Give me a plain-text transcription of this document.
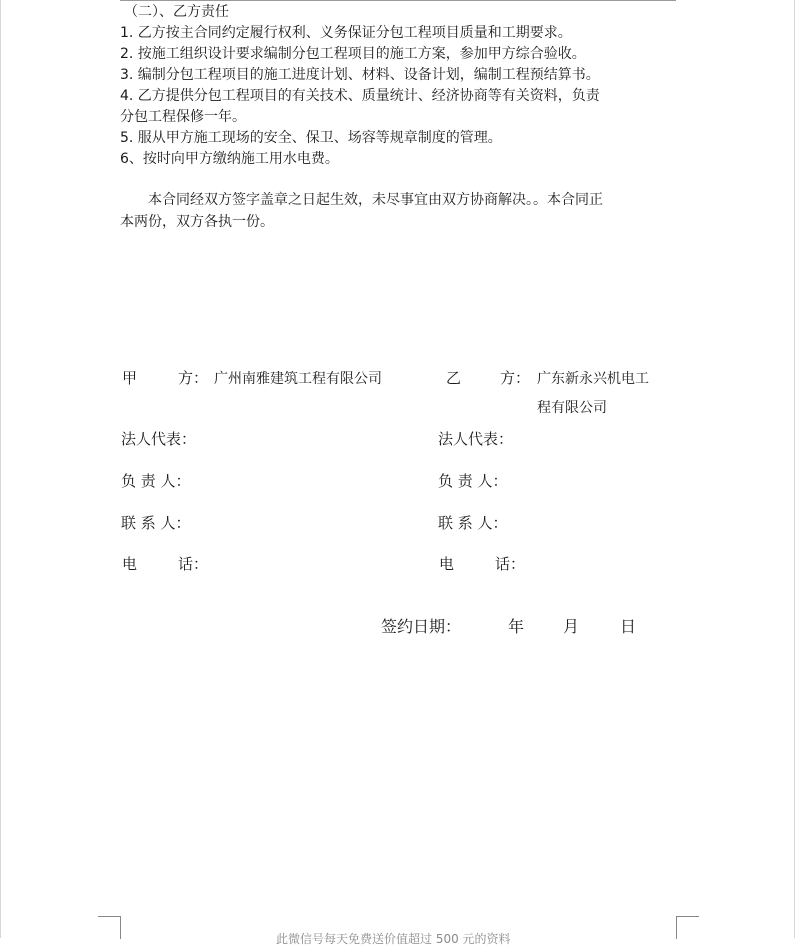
（二）、乙方责任
1. 乙方按主合同约定履行权利、义务保证分包工程项目质量和工期要求。
2. 按施工组织设计要求编制分包工程项目的施工方案，参加甲方综合验收。
3. 编制分包工程项目的施工进度计划、材料、设备计划，编制工程预结算书。
4. 乙方提供分包工程项目的有关技术、质量统计、经济协商等有关资料，负责
分包工程保修一年。
5. 服从甲方施工现场的安全、保卫、场容等规章制度的管理。
6、按时向甲方缴纳施工用水电费。
本合同经双方签字盖章之日起生效，未尽事宜由双方协商解决。。本合同正
本两份，双方各执一份。
甲	方： 广州南雅建筑工程有限公司	乙	方： 广东新永兴机电工
程有限公司
法人代表：	法人代表：
负 责 人：	负 责 人：
联 系 人：	联 系 人：
电	话：	电	话：
签约日期：	年 月	日
此微信号每天免费送价值超过 500 元的资料
